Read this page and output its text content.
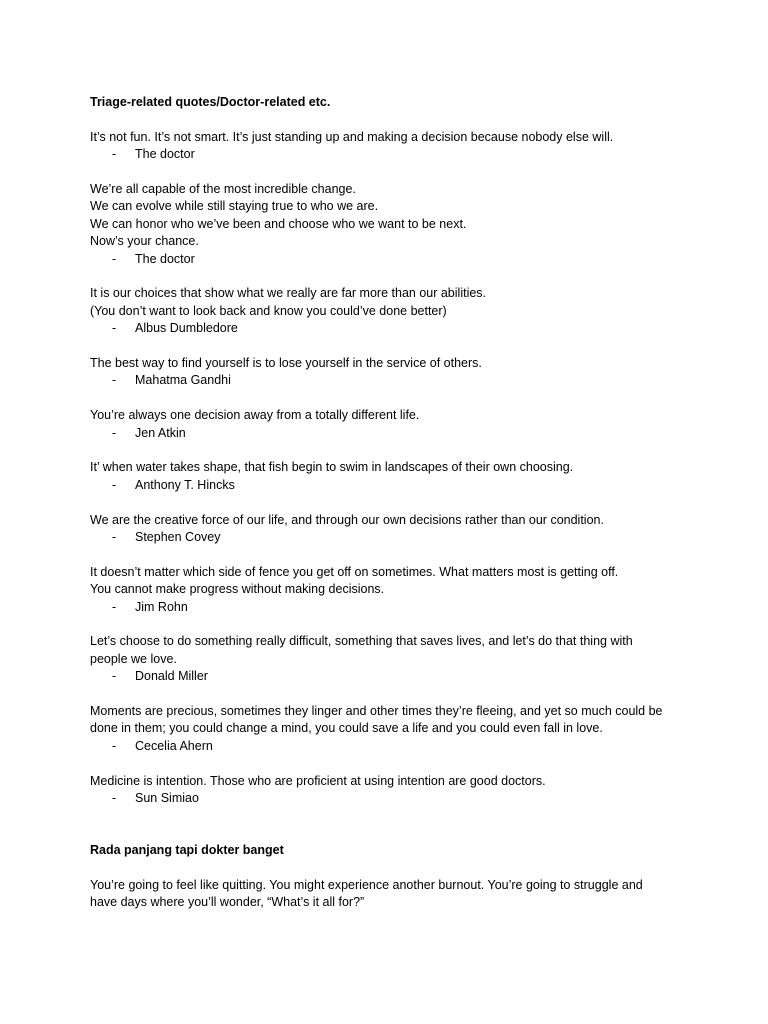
Triage-related quotes/Doctor-related etc.

It’s not fun. It’s not smart. It’s just standing up and making a decision because nobody else will.
- The doctor
We’re all capable of the most incredible change.
We can evolve while still staying true to who we are.
We can honor who we’ve been and choose who we want to be next.
Now’s your chance.
- The doctor
It is our choices that show what we really are far more than our abilities.
(You don’t want to look back and know you could’ve done better)
- Albus Dumbledore
The best way to find yourself is to lose yourself in the service of others.
- Mahatma Gandhi
You’re always one decision away from a totally different life.
- Jen Atkin
It’ when water takes shape, that fish begin to swim in landscapes of their own choosing.
- Anthony T. Hincks
We are the creative force of our life, and through our own decisions rather than our condition.
- Stephen Covey
It doesn’t matter which side of fence you get off on sometimes. What matters most is getting off.
You cannot make progress without making decisions.
- Jim Rohn
Let’s choose to do something really difficult, something that saves lives, and let’s do that thing with
people we love.
- Donald Miller
Moments are precious, sometimes they linger and other times they’re fleeing, and yet so much could be
done in them; you could change a mind, you could save a life and you could even fall in love.
- Cecelia Ahern
Medicine is intention. Those who are proficient at using intention are good doctors.
- Sun Simiao

Rada panjang tapi dokter banget

You’re going to feel like quitting. You might experience another burnout. You’re going to struggle and
have days where you’ll wonder, “What’s it all for?”
